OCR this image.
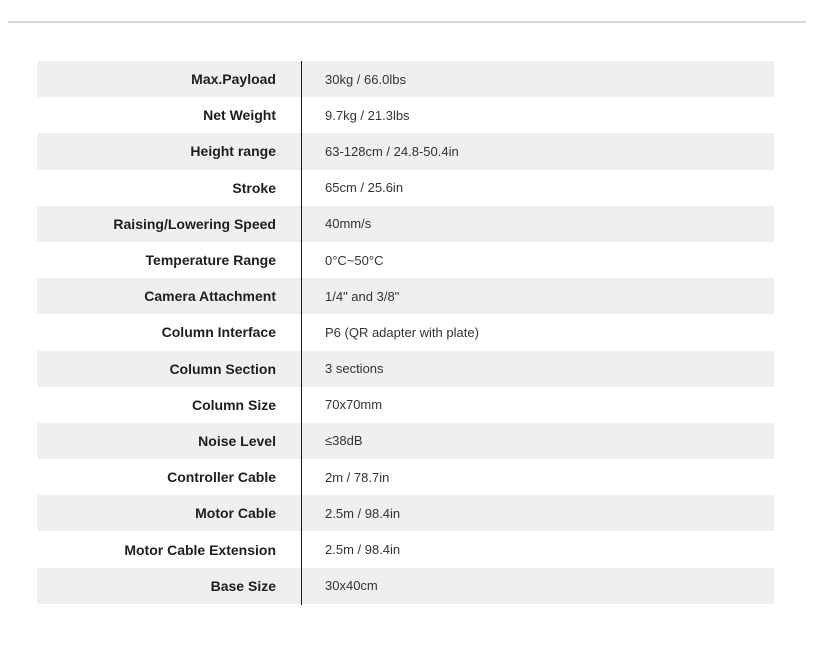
Max.Payload	30kg / 66.0lbs
Net Weight	9.7kg / 21.3lbs
Height range	63-128cm / 24.8-50.4in
Stroke	65cm / 25.6in
Raising/Lowering Speed	40mm/s
Temperature Range	0°C~50°C
Camera Attachment	1/4" and 3/8"
Column Interface	P6 (QR adapter with plate)
Column Section	3 sections
Column Size	70x70mm
Noise Level	≤38dB
Controller Cable	2m / 78.7in
Motor Cable	2.5m / 98.4in
Motor Cable Extension	2.5m / 98.4in
Base Size	30x40cm
